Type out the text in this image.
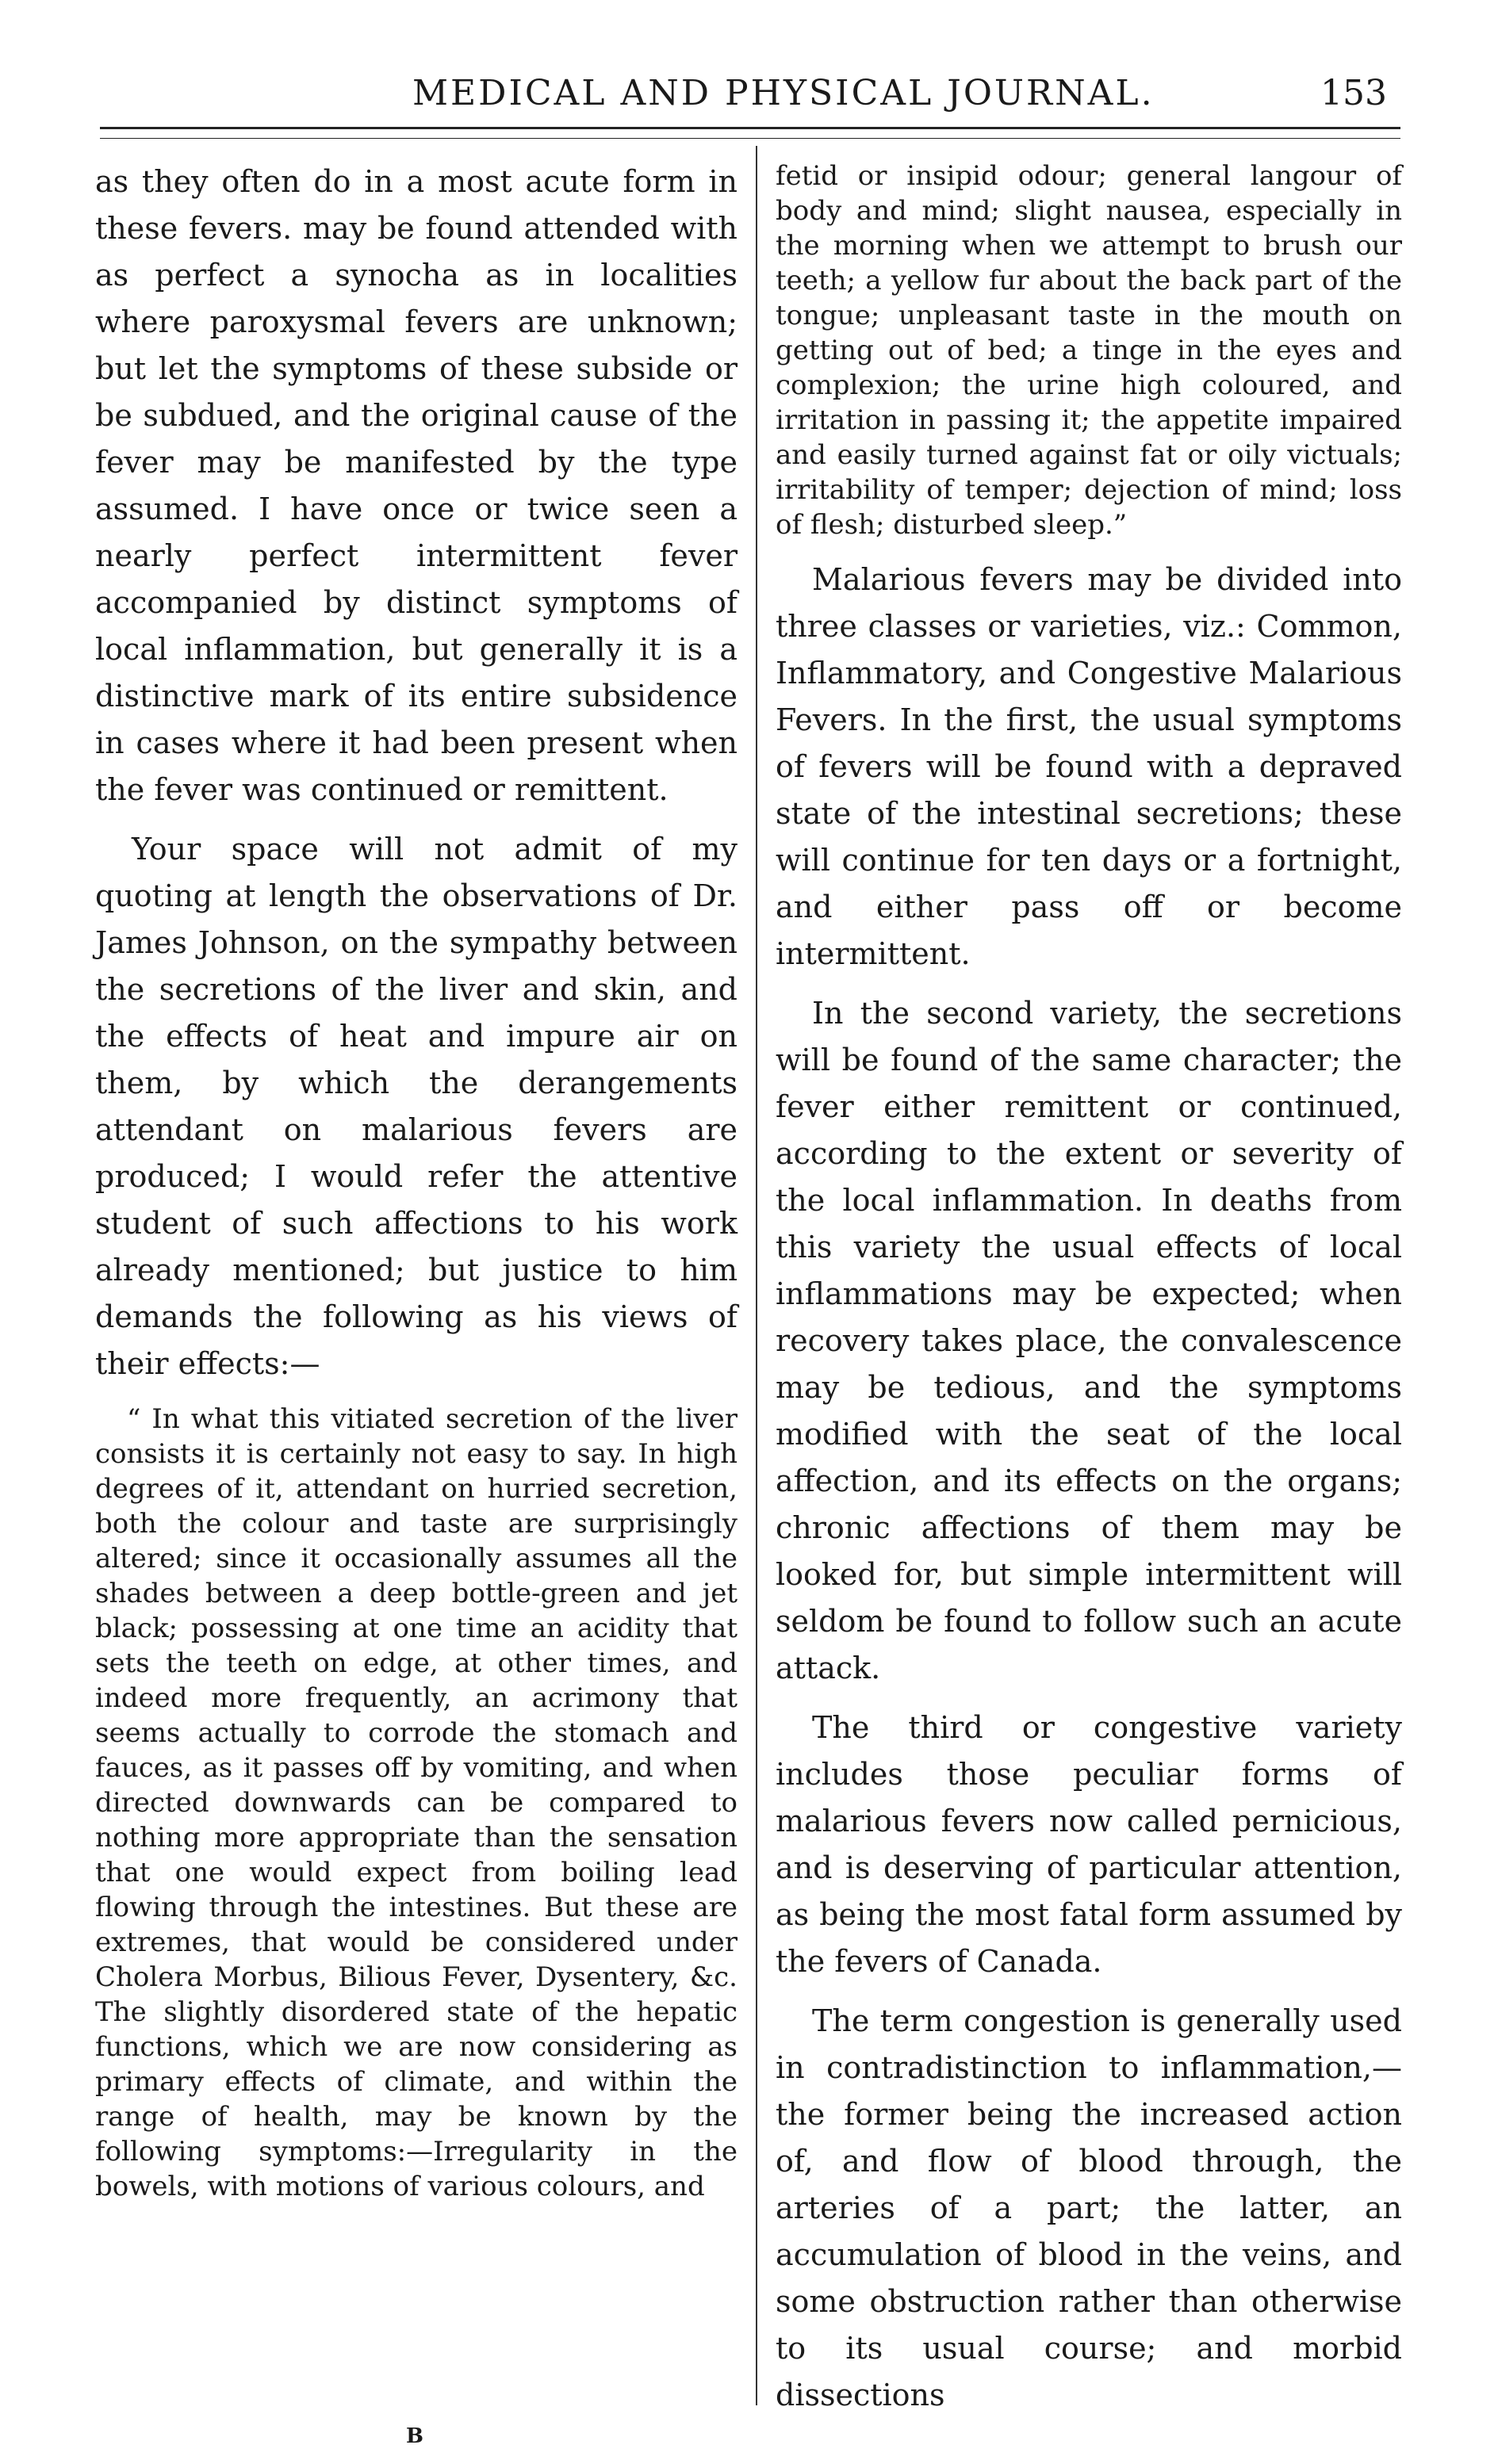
MEDICAL AND PHYSICAL JOURNAL.	153

as they often do in a most acute form in these fevers. may be found attended with as perfect a synocha as in localities where paroxysmal fevers are unknown; but let the symptoms of these subside or be subdued, and the original cause of the fever may be manifested by the type assumed. I have once or twice seen a nearly perfect intermittent fever accompanied by distinct symptoms of local inflammation, but generally it is a distinctive mark of its entire subsidence in cases where it had been present when the fever was continued or remittent.

Your space will not admit of my quoting at length the observations of Dr. James Johnson, on the sympathy between the secretions of the liver and skin, and the effects of heat and impure air on them, by which the derangements attendant on malarious fevers are produced; I would refer the attentive student of such affections to his work already mentioned; but justice to him demands the following as his views of their effects:—

“ In what this vitiated secretion of the liver consists it is certainly not easy to say. In high degrees of it, attendant on hurried secretion, both the colour and taste are surprisingly altered; since it occasionally assumes all the shades between a deep bottle-green and jet black; possessing at one time an acidity that sets the teeth on edge, at other times, and indeed more frequently, an acrimony that seems actually to corrode the stomach and fauces, as it passes off by vomiting, and when directed downwards can be compared to nothing more appropriate than the sensation that one would expect from boiling lead flowing through the intestines. But these are extremes, that would be considered under Cholera Morbus, Bilious Fever, Dysentery, &c. The slightly disordered state of the hepatic functions, which we are now considering as primary effects of climate, and within the range of health, may be known by the following symptoms:—Irregularity in the bowels, with motions of various colours, and

fetid or insipid odour; general langour of body and mind; slight nausea, especially in the morning when we attempt to brush our teeth; a yellow fur about the back part of the tongue; unpleasant taste in the mouth on getting out of bed; a tinge in the eyes and complexion; the urine high coloured, and irritation in passing it; the appetite impaired and easily turned against fat or oily victuals; irritability of temper; dejection of mind; loss of flesh; disturbed sleep.”

Malarious fevers may be divided into three classes or varieties, viz.: Common, Inflammatory, and Congestive Malarious Fevers. In the first, the usual symptoms of fevers will be found with a depraved state of the intestinal secretions; these will continue for ten days or a fortnight, and either pass off or become intermittent.

In the second variety, the secretions will be found of the same character; the fever either remittent or continued, according to the extent or severity of the local inflammation. In deaths from this variety the usual effects of local inflammations may be expected; when recovery takes place, the convalescence may be tedious, and the symptoms modified with the seat of the local affection, and its effects on the organs; chronic affections of them may be looked for, but simple intermittent will seldom be found to follow such an acute attack.

The third or congestive variety includes those peculiar forms of malarious fevers now called pernicious, and is deserving of particular attention, as being the most fatal form assumed by the fevers of Canada.

The term congestion is generally used in contradistinction to inflammation,—the former being the increased action of, and flow of blood through, the arteries of a part; the latter, an accumulation of blood in the veins, and some obstruction rather than otherwise to its usual course; and morbid dissections

B
